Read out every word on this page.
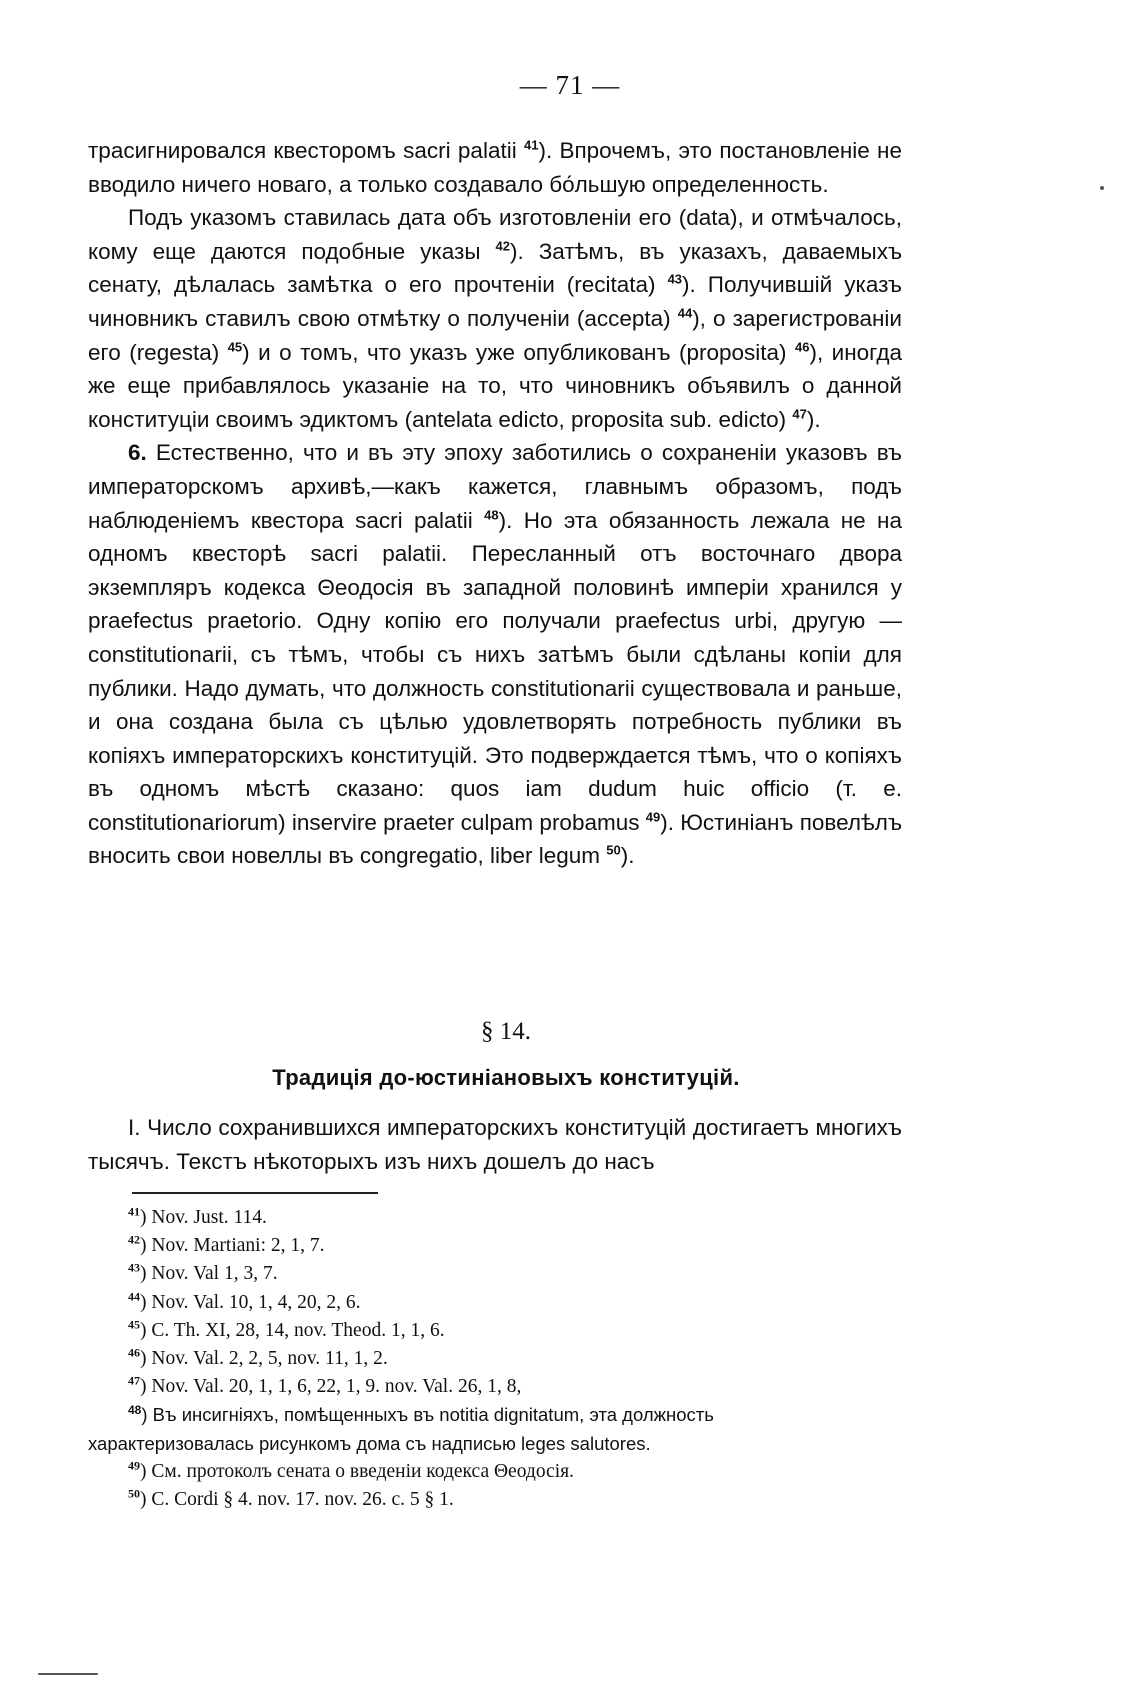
— 71 —

трасигнировался квесторомъ sacri palatii $^{41}$). Впрочемъ, это постановленіе не вводило ничего новаго, а только создавало бо́льшую определенность.

Подъ указомъ ставилась дата объ изготовленіи его (data), и отмѣчалось, кому еще даются подобные указы $^{42}$). Затѣмъ, въ указахъ, даваемыхъ сенату, дѣлалась замѣтка о его прочтеніи (recitata) $^{43}$). Получившій указъ чиновникъ ставилъ свою отмѣтку о полученіи (accepta) $^{44}$), о зарегистрованіи его (regesta) $^{45}$) и о томъ, что указъ уже опубликованъ (proposita) $^{46}$), иногда же еще прибавлялось указаніе на то, что чиновникъ объявилъ о данной конституціи своимъ эдиктомъ (antelata edicto, proposita sub. edicto) $^{47}$).

6. Естественно, что и въ эту эпоху заботились о сохраненіи указовъ въ императорскомъ архивѣ,—какъ кажется, главнымъ образомъ, подъ наблюденіемъ квестора sacri palatii $^{48}$). Но эта обязанность лежала не на одномъ квесторѣ sacri palatii. Пересланный отъ восточнаго двора экземпляръ кодекса Θеодосія въ западной половинѣ имперіи хранился у praefectus praetorio. Одну копію его получали praefectus urbi, другую — constitutionarii, съ тѣмъ, чтобы съ нихъ затѣмъ были сдѣланы копіи для публики. Надо думать, что должность constitutionarii существовала и раньше, и она создана была съ цѣлью удовлетворять потребность публики въ копіяхъ императорскихъ конституцій. Это подверждается тѣмъ, что о копіяхъ въ одномъ мѣстѣ сказано: quos iam dudum huic officio (т. е. constitutionariorum) inservire praeter culpam probamus $^{49}$). Юстиніанъ повелѣлъ вносить свои новеллы въ congregatio, liber legum $^{50}$).

§ 14.
Традиція до-юстиніановыхъ конституцій.

I. Число сохранившихся императорскихъ конституцій достигаетъ многихъ тысячъ. Текстъ нѣкоторыхъ изъ нихъ дошелъ до насъ

$^{41}$) Nov. Just. 114.
$^{42}$) Nov. Martiani: 2, 1, 7.
$^{43}$) Nov. Val 1, 3, 7.
$^{44}$) Nov. Val. 10, 1, 4, 20, 2, 6.
$^{45}$) C. Th. XI, 28, 14, nov. Theod. 1, 1, 6.
$^{46}$) Nov. Val. 2, 2, 5, nov. 11, 1, 2.
$^{47}$) Nov. Val. 20, 1, 1, 6, 22, 1, 9. nov. Val. 26, 1, 8,
$^{48}$) Въ инсигніяхъ, помѣщенныхъ въ notitia dignitatum, эта должность
характеризовалась рисункомъ дома съ надписью leges salutores.
$^{49}$) См. протоколъ сената о введеніи кодекса Θеодосія.
$^{50}$) C. Cordi § 4. nov. 17. nov. 26. c. 5 § 1.
